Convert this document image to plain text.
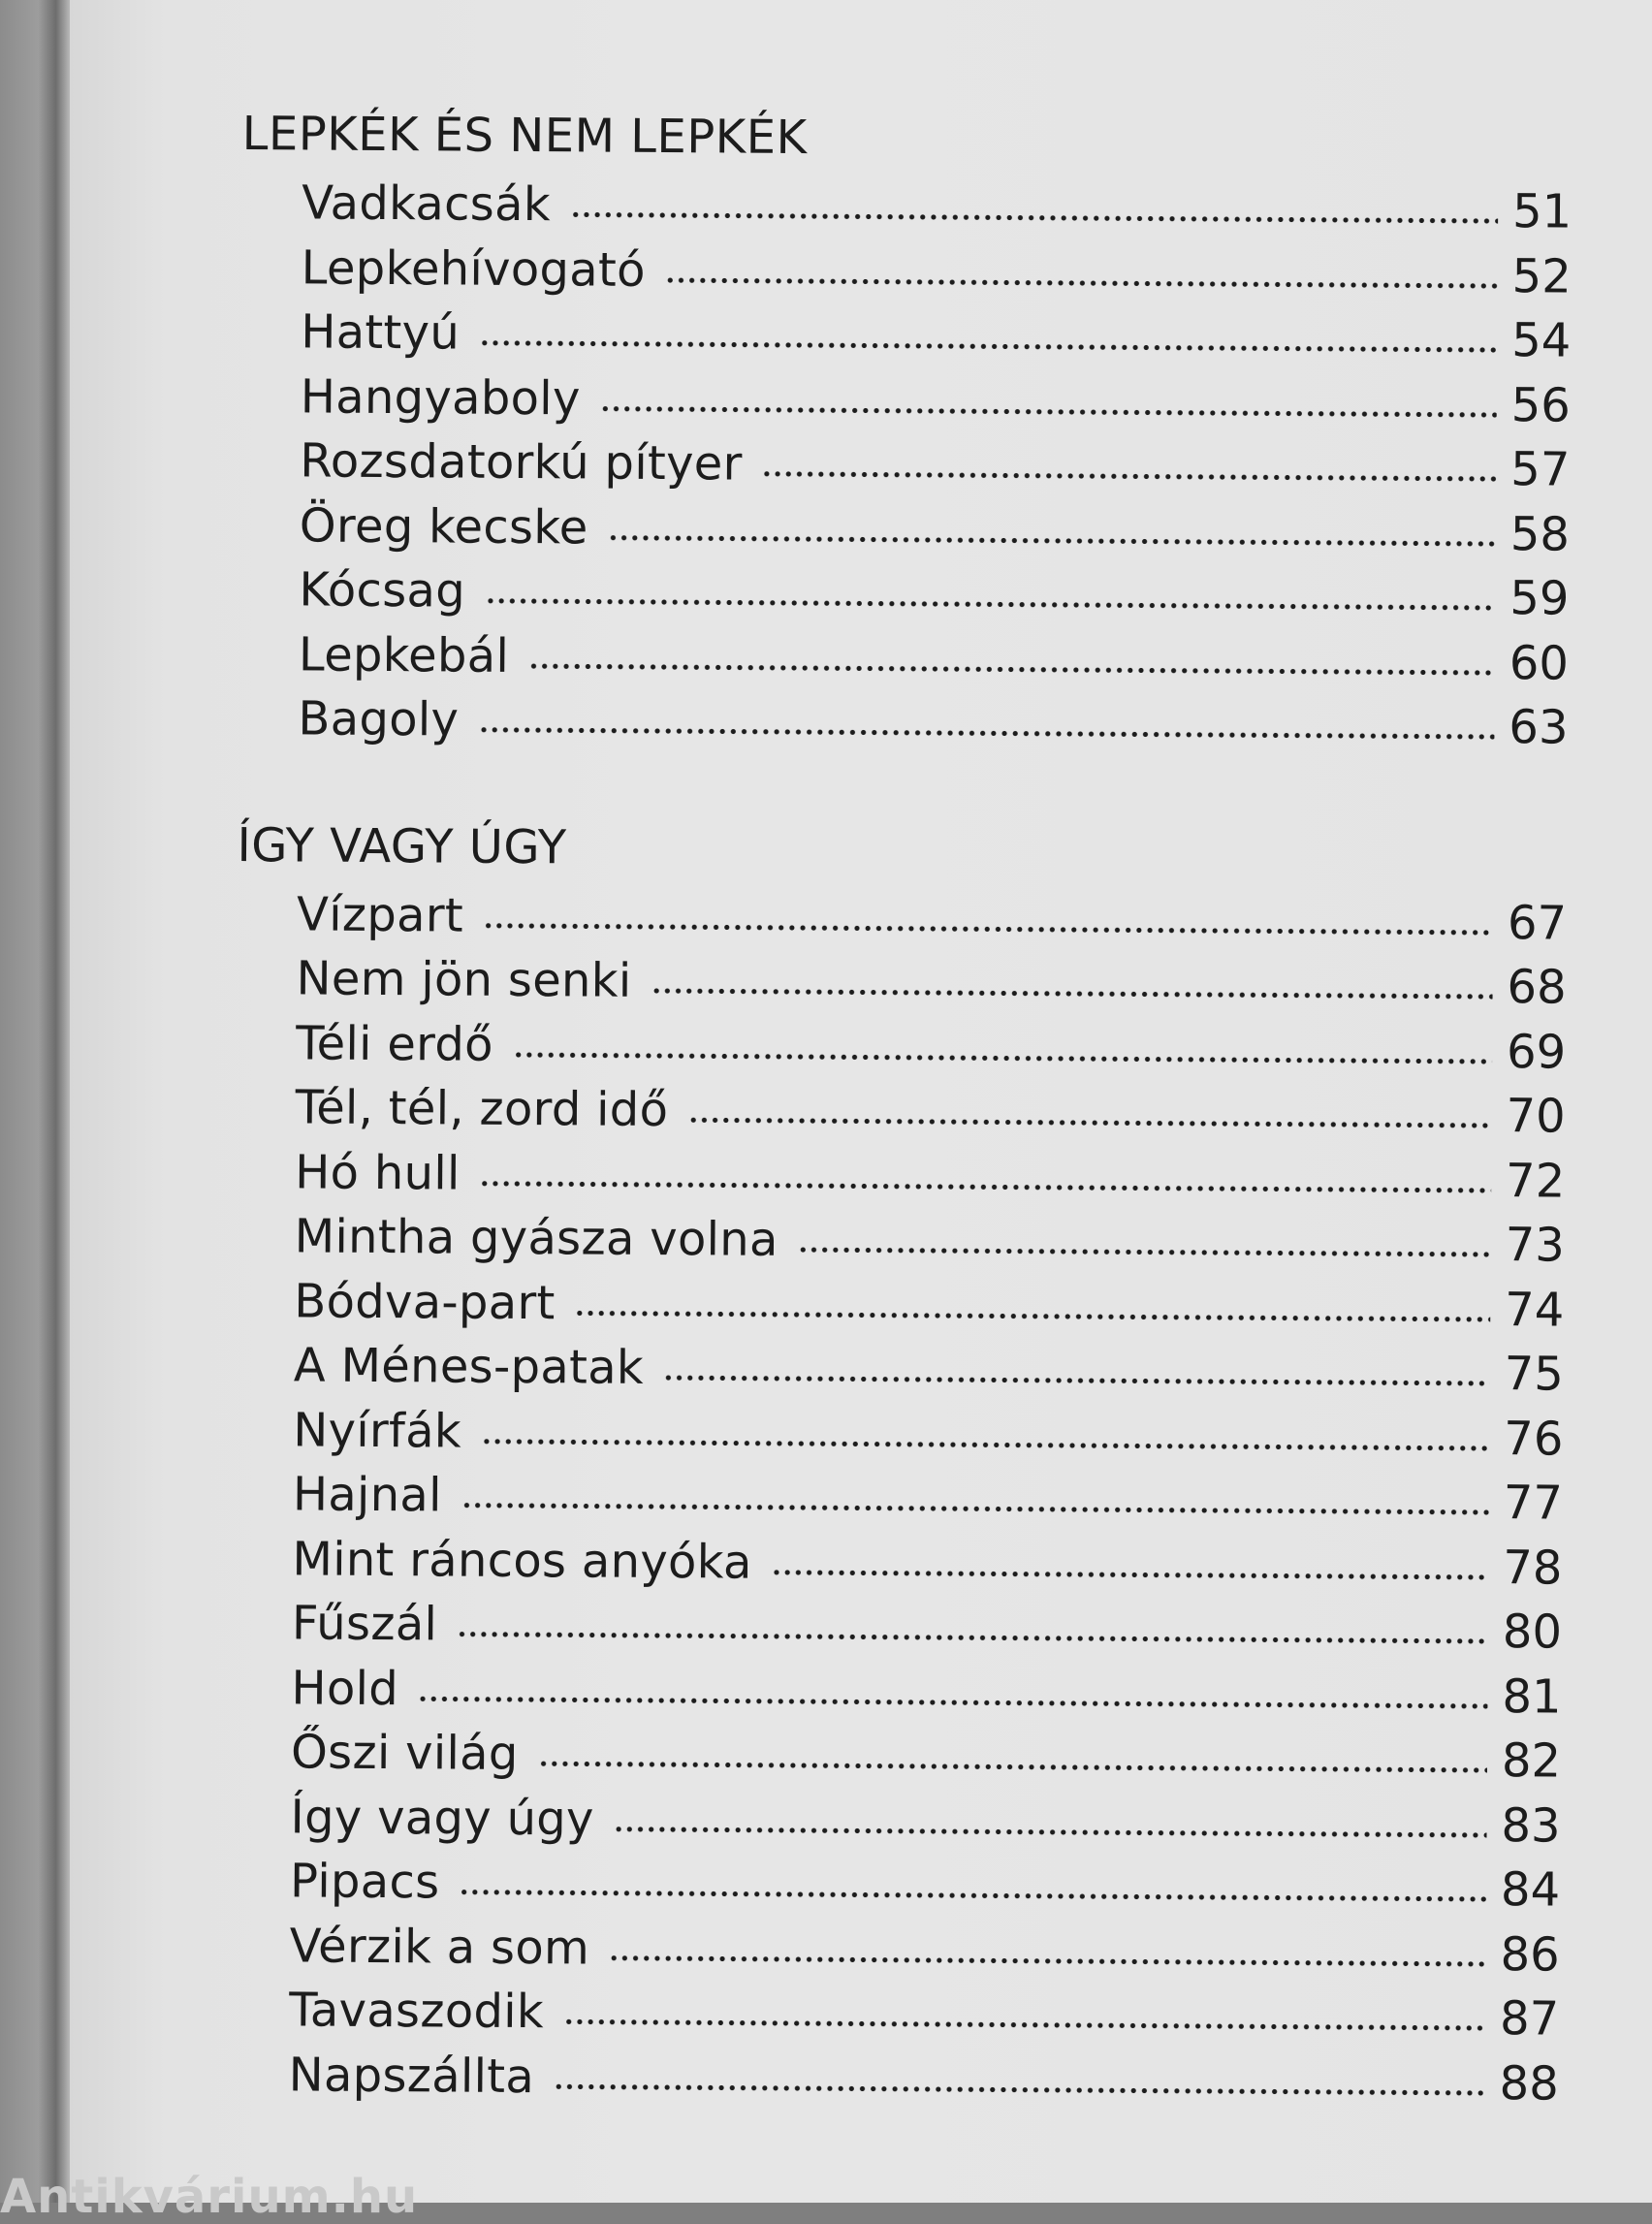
LEPKÉK ÉS NEM LEPKÉK
Vadkacsák	51
Lepkehívogató	52
Hattyú	54
Hangyaboly	56
Rozsdatorkú pítyer	57
Öreg kecske	58
Kócsag	59
Lepkebál	60
Bagoly	63
ÍGY VAGY ÚGY
Vízpart	67
Nem jön senki	68
Téli erdő	69
Tél, tél, zord idő	70
Hó hull	72
Mintha gyásza volna	73
Bódva-part	74
A Ménes-patak	75
Nyírfák	76
Hajnal	77
Mint ráncos anyóka	78
Fűszál	80
Hold	81
Őszi világ	82
Így vagy úgy	83
Pipacs	84
Vérzik a som	86
Tavaszodik	87
Napszállta	88
Antikvárium.hu
